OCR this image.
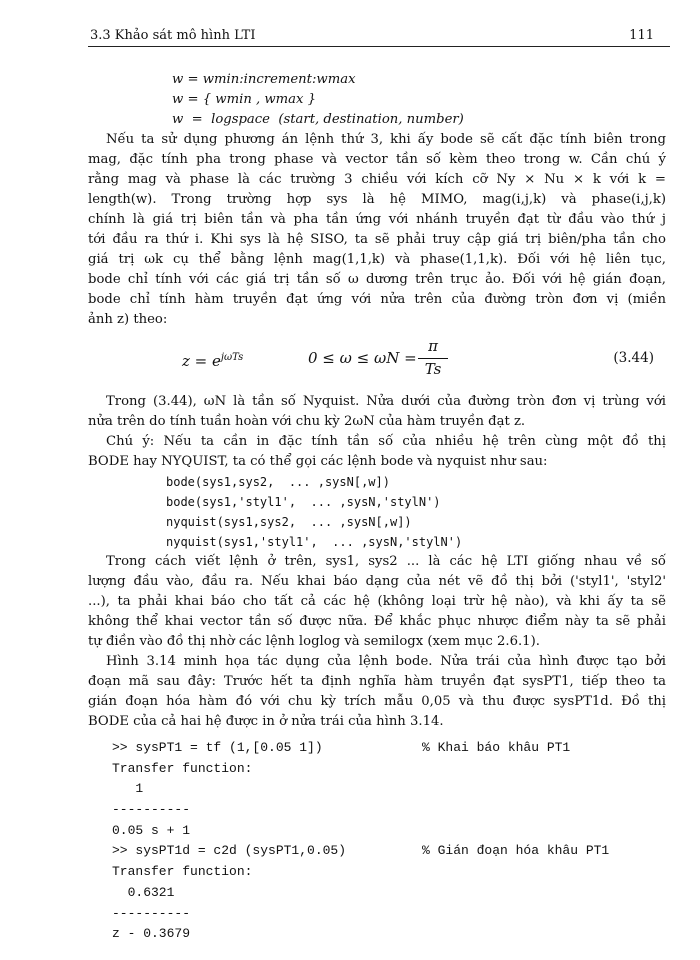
3.3 Khảo sát mô hình LTI	111
w = wmin:increment:wmax
w = { wmin , wmax }
w  =  logspace  (start, destination, number)
Nếu ta sử dụng phương án lệnh thứ 3, khi ấy bode sẽ cất đặc tính biên trong
mag, đặc tính pha trong phase và vector tần số kèm theo trong w. Cần chú ý
rằng mag và phase là các trường 3 chiều với kích cỡ Ny × Nu × k với k =
length(w). Trong trường hợp sys là hệ MIMO, mag(i,j,k) và phase(i,j,k)
chính là giá trị biên tần và pha tần ứng với nhánh truyền đạt từ đầu vào thứ j
tới đầu ra thứ i. Khi sys là hệ SISO, ta sẽ phải truy cập giá trị biên/pha tần cho
giá trị ωk cụ thể bằng lệnh mag(1,1,k) và phase(1,1,k). Đối với hệ liên tục,
bode chỉ tính với các giá trị tần số ω dương trên trục ảo. Đối với hệ gián đoạn,
bode chỉ tính hàm truyền đạt ứng với nửa trên của đường tròn đơn vị (miền
ảnh z) theo:
$z = e^{j\omega Ts}$	$0 \le \omega \le \omega N = \frac{\pi}{Ts}$	(3.44)
Trong (3.44), ωN là tần số Nyquist. Nửa dưới của đường tròn đơn vị trùng với
nửa trên do tính tuần hoàn với chu kỳ 2ωN của hàm truyền đạt z.
Chú ý: Nếu ta cần in đặc tính tần số của nhiều hệ trên cùng một đồ thị
BODE hay NYQUIST, ta có thể gọi các lệnh bode và nyquist như sau:
bode(sys1,sys2,  ... ,sysN[,w])
bode(sys1,'styl1',  ... ,sysN,'stylN')
nyquist(sys1,sys2,  ... ,sysN[,w])
nyquist(sys1,'styl1',  ... ,sysN,'stylN')
Trong cách viết lệnh ở trên, sys1, sys2 ... là các hệ LTI giống nhau về số
lượng đầu vào, đầu ra. Nếu khai báo dạng của nét vẽ đồ thị bởi ('styl1', 'styl2'
...), ta phải khai báo cho tất cả các hệ (không loại trừ hệ nào), và khi ấy ta sẽ
không thể khai vector tần số được nữa. Để khắc phục nhược điểm này ta sẽ phải
tự điền vào đồ thị nhờ các lệnh loglog và semilogx (xem mục 2.6.1).
Hình 3.14 minh họa tác dụng của lệnh bode. Nửa trái của hình được tạo bởi
đoạn mã sau đây: Trước hết ta định nghĩa hàm truyền đạt sysPT1, tiếp theo ta
gián đoạn hóa hàm đó với chu kỳ trích mẫu 0,05 và thu được sysPT1d. Đồ thị
BODE của cả hai hệ được in ở nửa trái của hình 3.14.
>> sysPT1 = tf (1,[0.05 1])	% Khai báo khâu PT1
Transfer function:
1
----------
0.05 s + 1
>> sysPT1d = c2d (sysPT1,0.05)	% Gián đoạn hóa khâu PT1
Transfer function:
0.6321
----------
z - 0.3679
